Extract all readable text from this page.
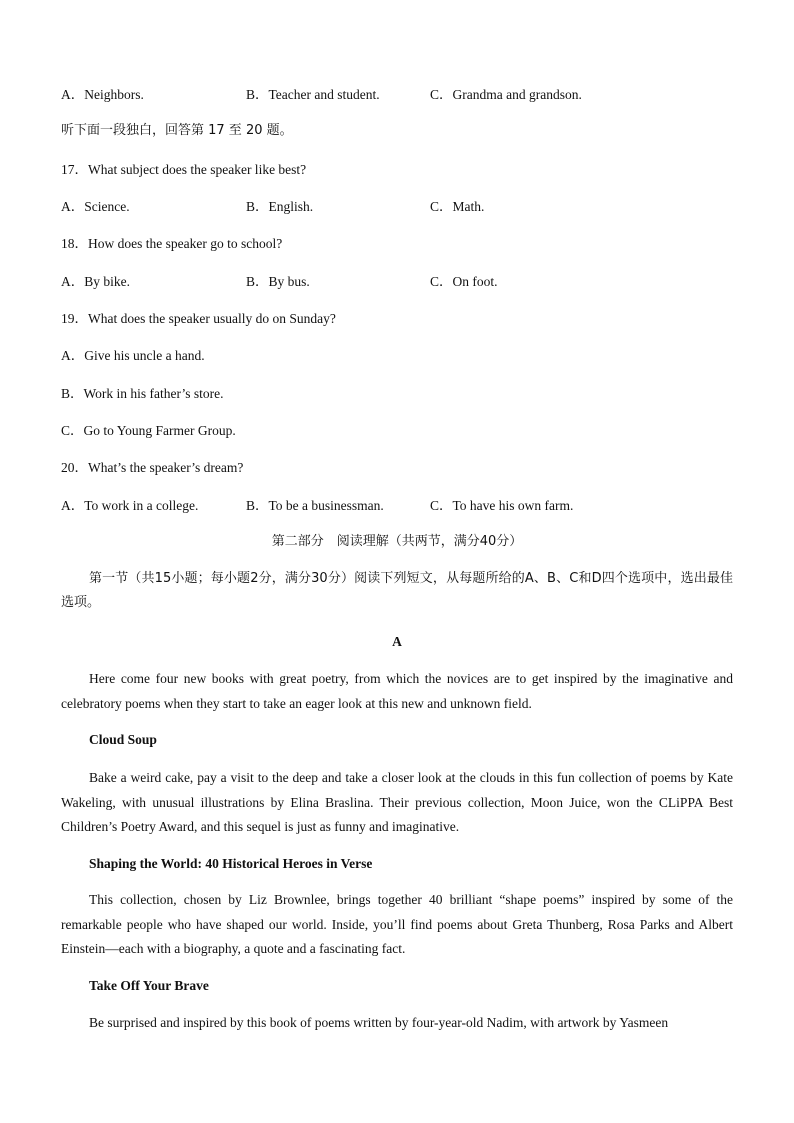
A．Neighbors.	B．Teacher and student.	C．Grandma and grandson.
听下面一段独白，回答第 17 至 20 题。
17．What subject does the speaker like best?
A．Science.	B．English.	C．Math.
18．How does the speaker go to school?
A．By bike.	B．By bus.	C．On foot.
19．What does the speaker usually do on Sunday?
A．Give his uncle a hand.
B．Work in his father’s store.
C．Go to Young Farmer Group.
20．What’s the speaker’s dream?
A．To work in a college.	B．To be a businessman.	C．To have his own farm.
第二部分　阅读理解（共两节，满分40分）
第一节（共15小题；每小题2分，满分30分）阅读下列短文，从每题所给的A、B、C和D四个选项中，选出最佳选项。
A
Here come four new books with great poetry, from which the novices are to get inspired by the imaginative and celebratory poems when they start to take an eager look at this new and unknown field.
Cloud Soup
Bake a weird cake, pay a visit to the deep and take a closer look at the clouds in this fun collection of poems by Kate Wakeling, with unusual illustrations by Elina Braslina. Their previous collection, Moon Juice, won the CLiPPA Best Children’s Poetry Award, and this sequel is just as funny and imaginative.
Shaping the World: 40 Historical Heroes in Verse
This collection, chosen by Liz Brownlee, brings together 40 brilliant “shape poems” inspired by some of the remarkable people who have shaped our world. Inside, you’ll find poems about Greta Thunberg, Rosa Parks and Albert Einstein—each with a biography, a quote and a fascinating fact.
Take Off Your Brave
Be surprised and inspired by this book of poems written by four-year-old Nadim, with artwork by Yasmeen
